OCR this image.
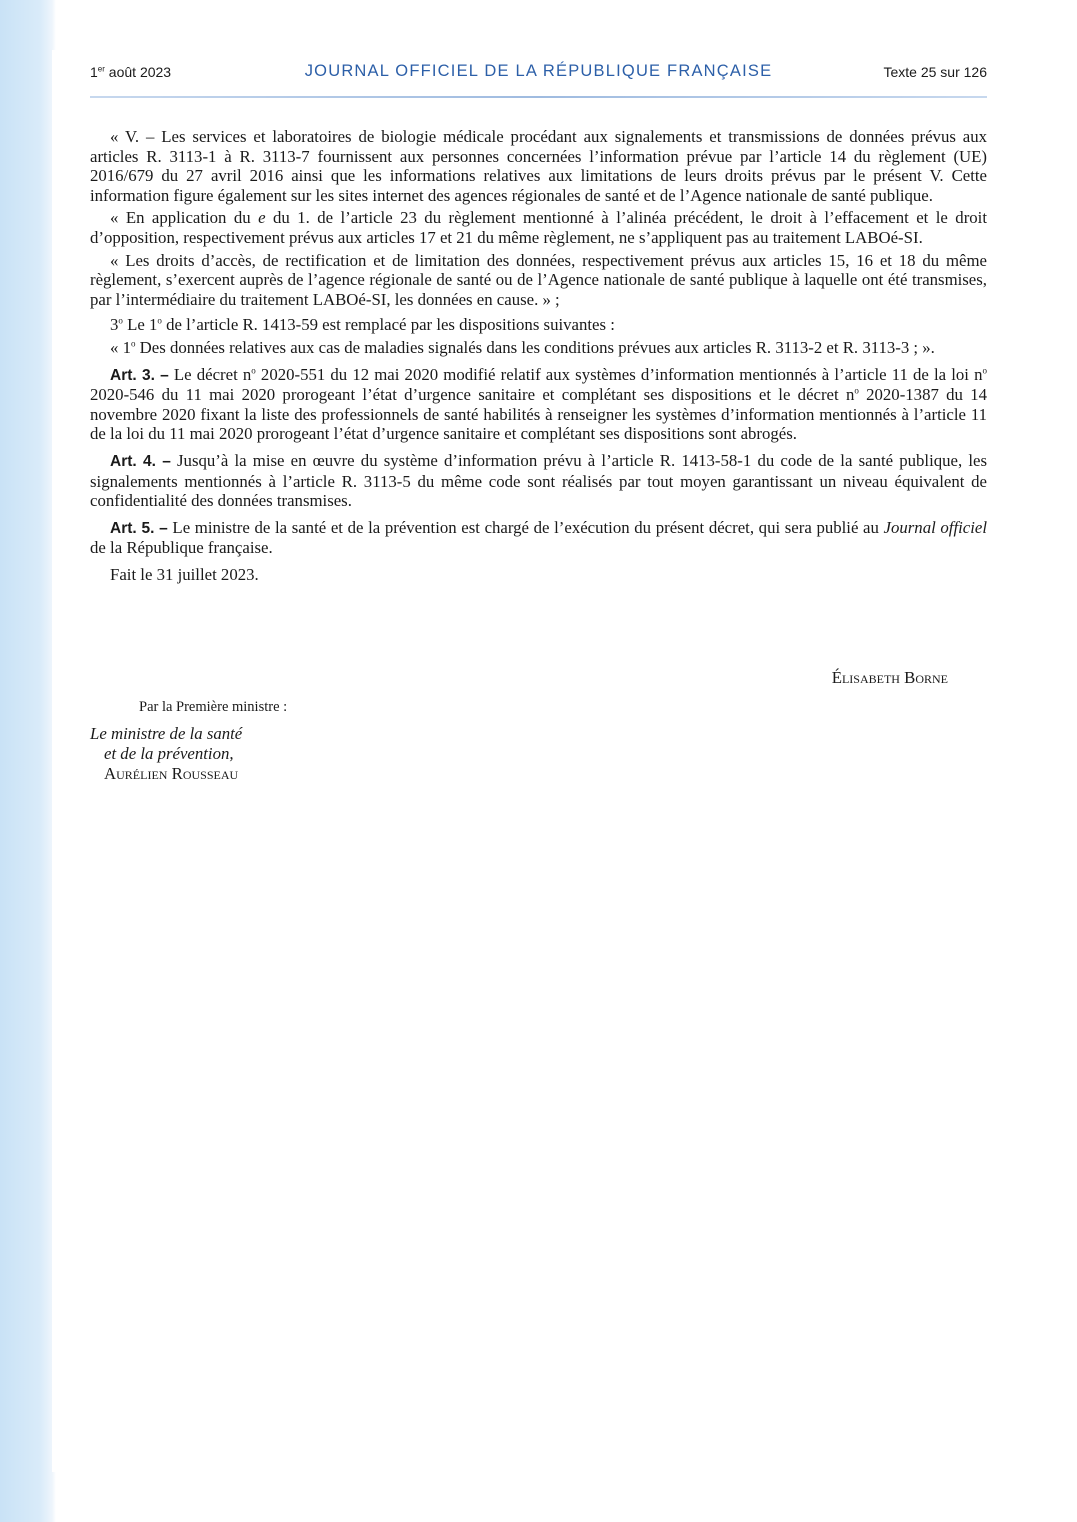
1er août 2023	JOURNAL OFFICIEL DE LA RÉPUBLIQUE FRANÇAISE	Texte 25 sur 126

« V. – Les services et laboratoires de biologie médicale procédant aux signalements et transmissions de données prévus aux articles R. 3113-1 à R. 3113-7 fournissent aux personnes concernées l’information prévue par l’article 14 du règlement (UE) 2016/679 du 27 avril 2016 ainsi que les informations relatives aux limitations de leurs droits prévus par le présent V. Cette information figure également sur les sites internet des agences régionales de santé et de l’Agence nationale de santé publique.

« En application du e du 1. de l’article 23 du règlement mentionné à l’alinéa précédent, le droit à l’effacement et le droit d’opposition, respectivement prévus aux articles 17 et 21 du même règlement, ne s’appliquent pas au traitement LABOé-SI.

« Les droits d’accès, de rectification et de limitation des données, respectivement prévus aux articles 15, 16 et 18 du même règlement, s’exercent auprès de l’agence régionale de santé ou de l’Agence nationale de santé publique à laquelle ont été transmises, par l’intermédiaire du traitement LABOé-SI, les données en cause. » ;

3$^o$ Le 1$^o$ de l’article R. 1413-59 est remplacé par les dispositions suivantes :

« 1$^o$ Des données relatives aux cas de maladies signalés dans les conditions prévues aux articles R. 3113-2 et R. 3113-3 ; ».

Art. 3. – Le décret $n^o$ 2020-551 du 12 mai 2020 modifié relatif aux systèmes d’information mentionnés à l’article 11 de la loi $n^o$ 2020-546 du 11 mai 2020 prorogeant l’état d’urgence sanitaire et complétant ses dispositions et le décret $n^o$ 2020-1387 du 14 novembre 2020 fixant la liste des professionnels de santé habilités à renseigner les systèmes d’information mentionnés à l’article 11 de la loi du 11 mai 2020 prorogeant l’état d’urgence sanitaire et complétant ses dispositions sont abrogés.

Art. 4. – Jusqu’à la mise en œuvre du système d’information prévu à l’article R. 1413-58-1 du code de la santé publique, les signalements mentionnés à l’article R. 3113-5 du même code sont réalisés par tout moyen garantissant un niveau équivalent de confidentialité des données transmises.

Art. 5. – Le ministre de la santé et de la prévention est chargé de l’exécution du présent décret, qui sera publié au Journal officiel de la République française.

Fait le 31 juillet 2023.

Élisabeth Borne
Par la Première ministre :
Le ministre de la santé
et de la prévention,
Aurélien Rousseau
